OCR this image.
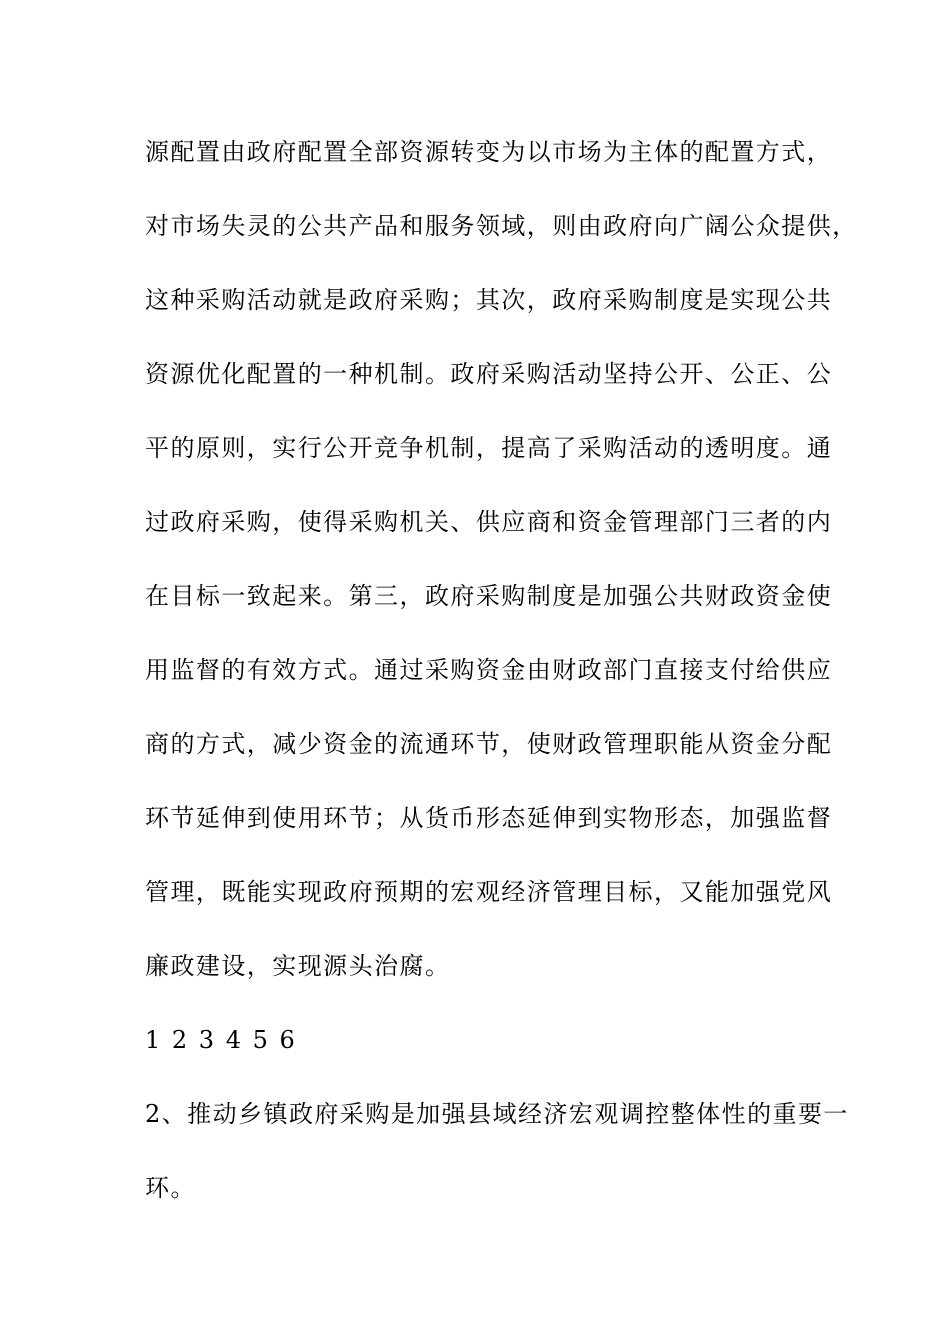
源配置由政府配置全部资源转变为以市场为主体的配置方式，
对市场失灵的公共产品和服务领域，则由政府向广阔公众提供，
这种采购活动就是政府采购；其次，政府采购制度是实现公共
资源优化配置的一种机制。政府采购活动坚持公开、公正、公
平的原则，实行公开竞争机制，提高了采购活动的透明度。通
过政府采购，使得采购机关、供应商和资金管理部门三者的内
在目标一致起来。第三，政府采购制度是加强公共财政资金使
用监督的有效方式。通过采购资金由财政部门直接支付给供应
商的方式，减少资金的流通环节，使财政管理职能从资金分配
环节延伸到使用环节；从货币形态延伸到实物形态，加强监督
管理，既能实现政府预期的宏观经济管理目标，又能加强党风
廉政建设，实现源头治腐。
1 2 3 4 5 6
2、推动乡镇政府采购是加强县域经济宏观调控整体性的重要一
环。
